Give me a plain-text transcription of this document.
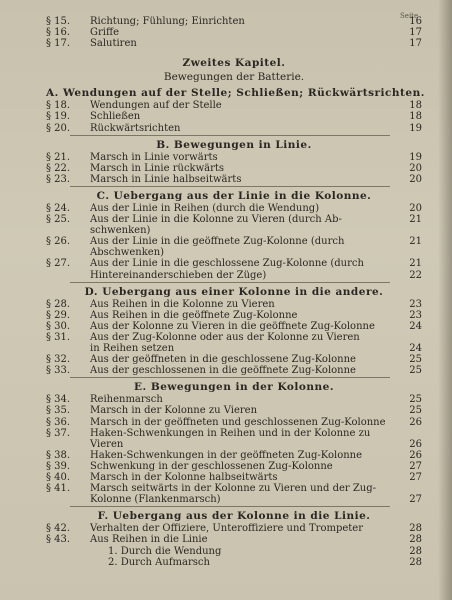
Seite
§ 15.	Richtung; Fühlung; Einrichten	16
§ 16.	Griffe	17
§ 17.	Salutiren	17
Zweites Kapitel.
Bewegungen der Batterie.
A. Wendungen auf der Stelle; Schließen; Rückwärtsrichten.
§ 18.	Wendungen auf der Stelle	18
§ 19.	Schließen	18
§ 20.	Rückwärtsrichten	19
B. Bewegungen in Linie.
§ 21.	Marsch in Linie vorwärts	19
§ 22.	Marsch in Linie rückwärts	20
§ 23.	Marsch in Linie halbseitwärts	20
C. Uebergang aus der Linie in die Kolonne.
§ 24.	Aus der Linie in Reihen (durch die Wendung)	20
§ 25.	Aus der Linie in die Kolonne zu Vieren (durch Ab-	21
schwenken)
§ 26.	Aus der Linie in die geöffnete Zug-Kolonne (durch	21
Abschwenken)
§ 27.	Aus der Linie in die geschlossene Zug-Kolonne (durch	21
Hintereinanderschieben der Züge)	22
D. Uebergang aus einer Kolonne in die andere.
§ 28.	Aus Reihen in die Kolonne zu Vieren	23
§ 29.	Aus Reihen in die geöffnete Zug-Kolonne	23
§ 30.	Aus der Kolonne zu Vieren in die geöffnete Zug-Kolonne	24
§ 31.	Aus der Zug-Kolonne oder aus der Kolonne zu Vieren
in Reihen setzen	24
§ 32.	Aus der geöffneten in die geschlossene Zug-Kolonne	25
§ 33.	Aus der geschlossenen in die geöffnete Zug-Kolonne	25
E. Bewegungen in der Kolonne.
§ 34.	Reihenmarsch	25
§ 35.	Marsch in der Kolonne zu Vieren	25
§ 36.	Marsch in der geöffneten und geschlossenen Zug-Kolonne	26
§ 37.	Haken-Schwenkungen in Reihen und in der Kolonne zu
Vieren	26
§ 38.	Haken-Schwenkungen in der geöffneten Zug-Kolonne	26
§ 39.	Schwenkung in der geschlossenen Zug-Kolonne	27
§ 40.	Marsch in der Kolonne halbseitwärts	27
§ 41.	Marsch seitwärts in der Kolonne zu Vieren und der Zug-
Kolonne (Flankenmarsch)	27
F. Uebergang aus der Kolonne in die Linie.
§ 42.	Verhalten der Offiziere, Unteroffiziere und Trompeter	28
§ 43.	Aus Reihen in die Linie	28
1. Durch die Wendung	28
2. Durch Aufmarsch	28
